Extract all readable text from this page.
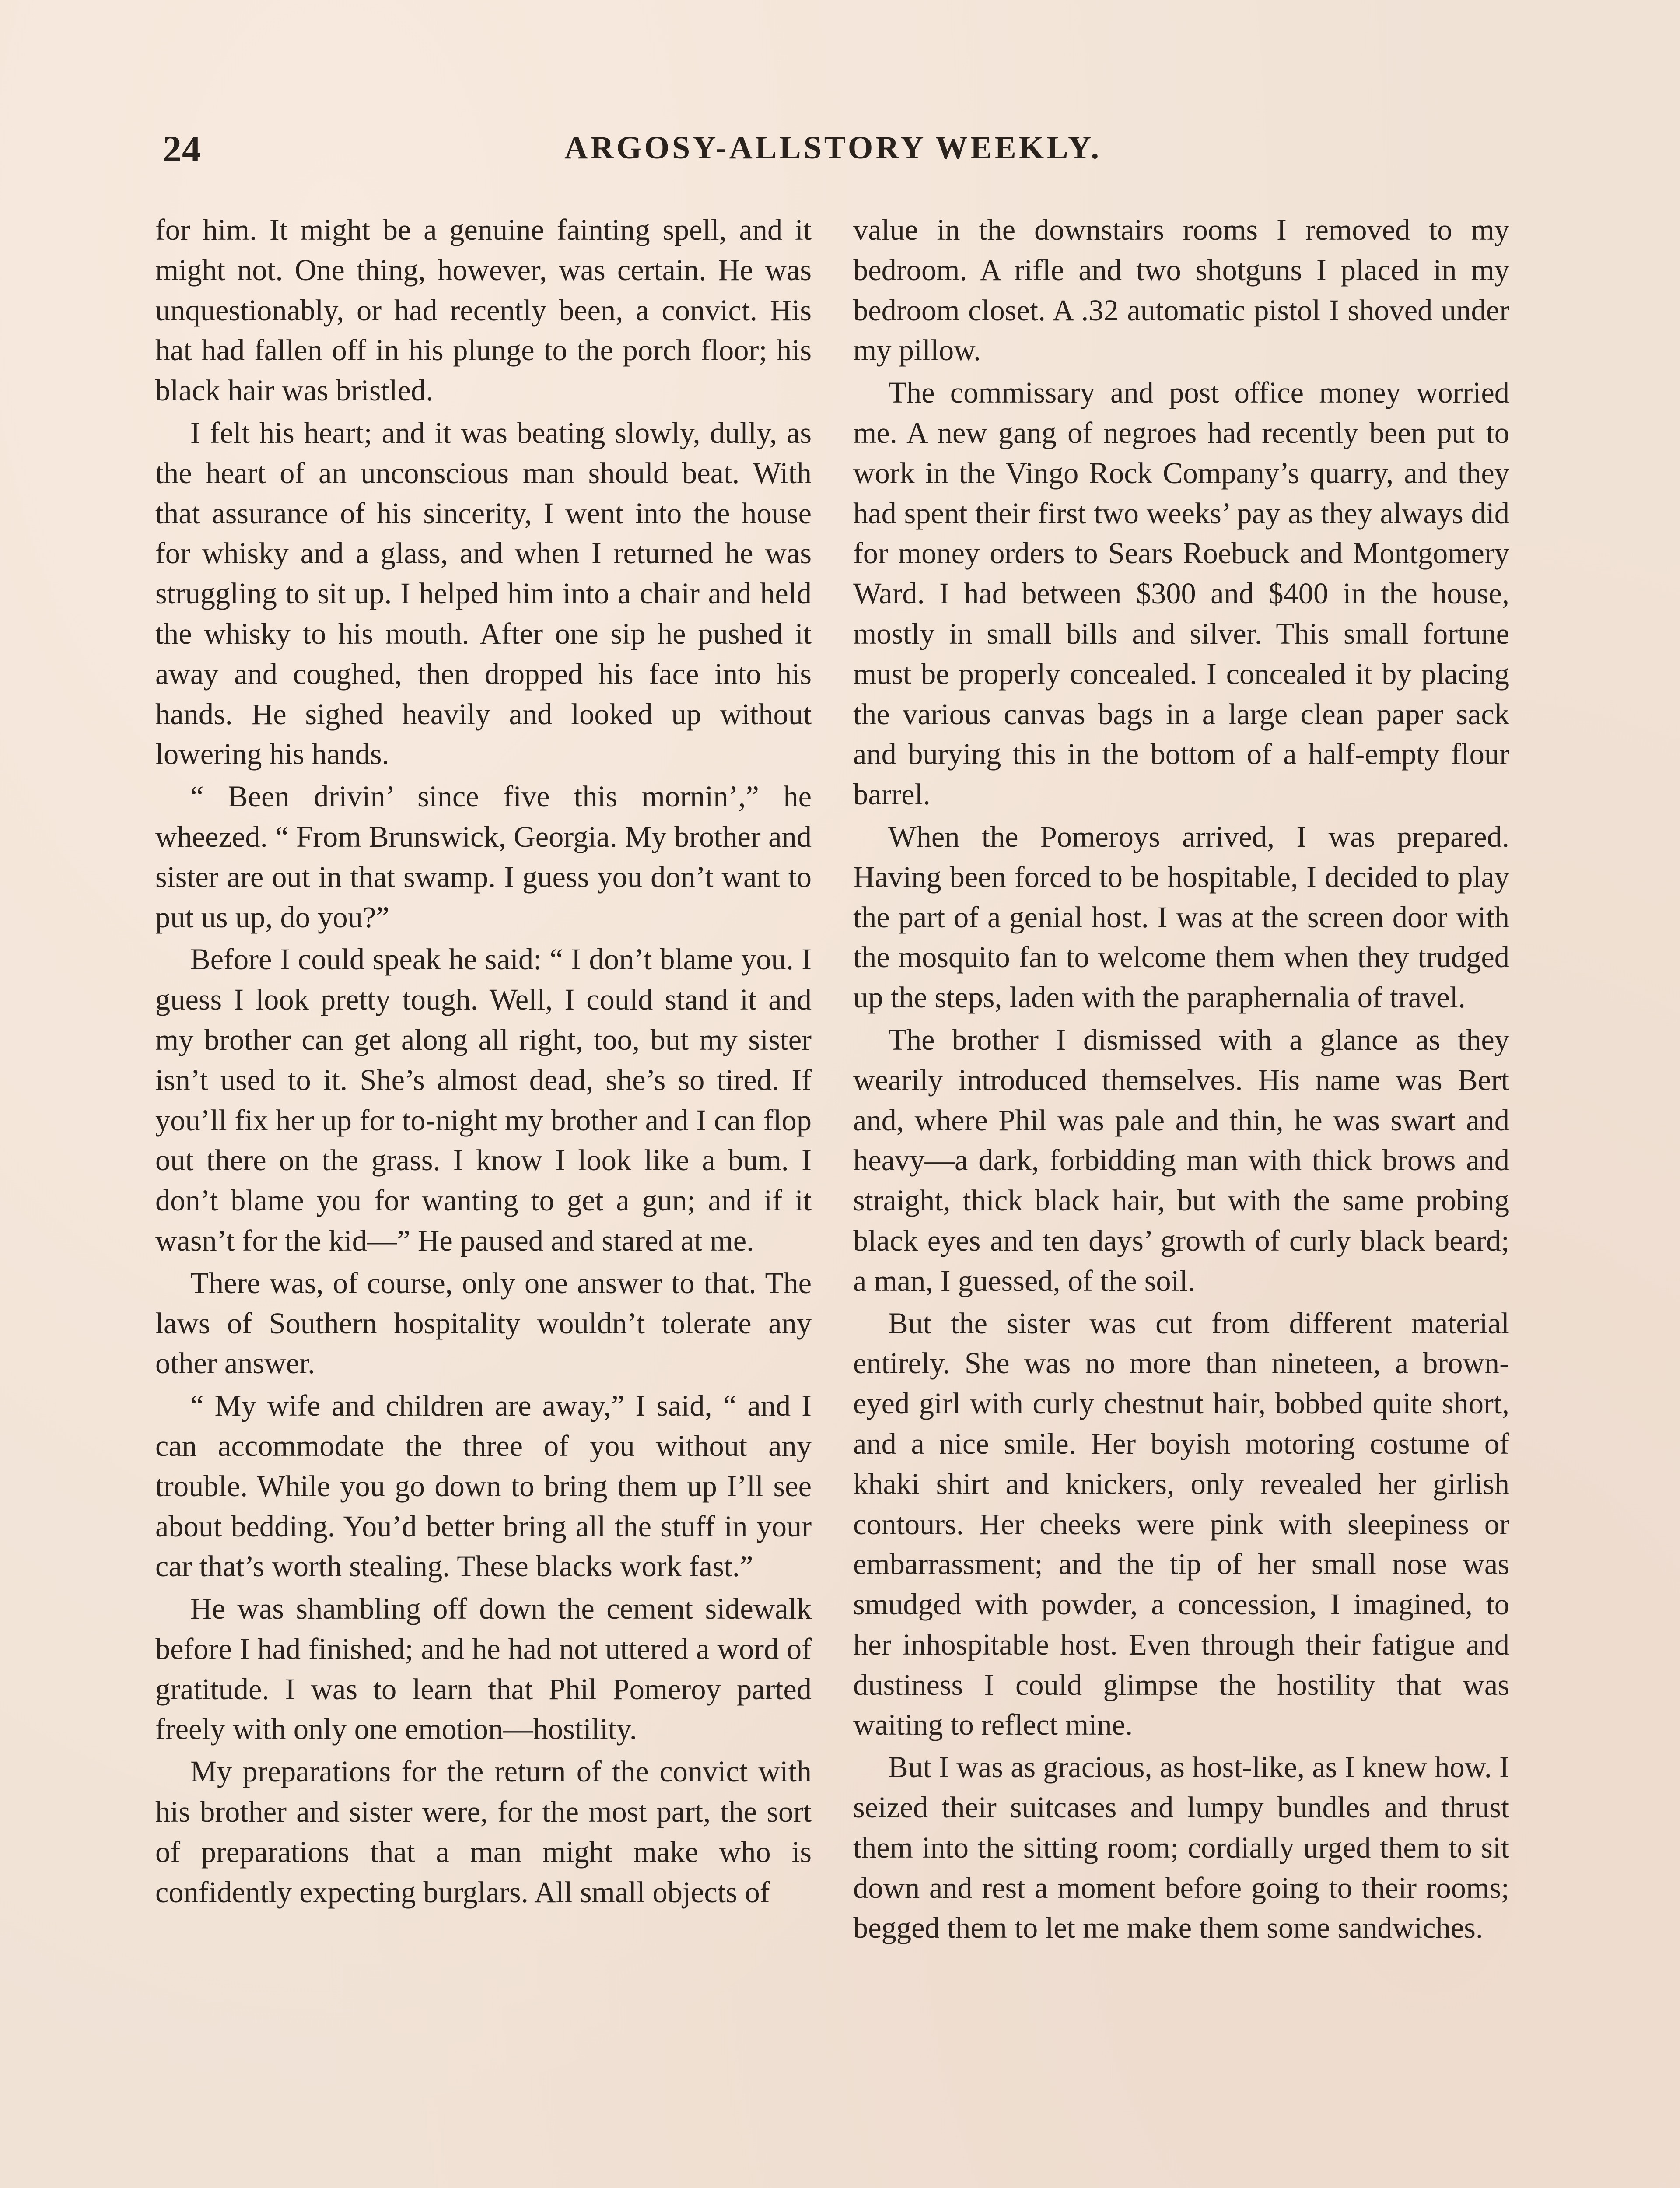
24	ARGOSY-ALLSTORY WEEKLY.

for him. It might be a genuine fainting spell, and it might not. One thing, however, was certain. He was unquestionably, or had recently been, a convict. His hat had fallen off in his plunge to the porch floor; his black hair was bristled.

I felt his heart; and it was beating slowly, dully, as the heart of an unconscious man should beat. With that assurance of his sincerity, I went into the house for whisky and a glass, and when I returned he was struggling to sit up. I helped him into a chair and held the whisky to his mouth. After one sip he pushed it away and coughed, then dropped his face into his hands. He sighed heavily and looked up without lowering his hands.

“ Been drivin’ since five this mornin’,” he wheezed. “ From Brunswick, Georgia. My brother and sister are out in that swamp. I guess you don’t want to put us up, do you?”

Before I could speak he said: “ I don’t blame you. I guess I look pretty tough. Well, I could stand it and my brother can get along all right, too, but my sister isn’t used to it. She’s almost dead, she’s so tired. If you’ll fix her up for to-night my brother and I can flop out there on the grass. I know I look like a bum. I don’t blame you for wanting to get a gun; and if it wasn’t for the kid—” He paused and stared at me.

There was, of course, only one answer to that. The laws of Southern hospitality wouldn’t tolerate any other answer.

“ My wife and children are away,” I said, “ and I can accommodate the three of you without any trouble. While you go down to bring them up I’ll see about bedding. You’d better bring all the stuff in your car that’s worth stealing. These blacks work fast.”

He was shambling off down the cement sidewalk before I had finished; and he had not uttered a word of gratitude. I was to learn that Phil Pomeroy parted freely with only one emotion—hostility.

My preparations for the return of the convict with his brother and sister were, for the most part, the sort of preparations that a man might make who is confidently expecting burglars. All small objects of

value in the downstairs rooms I removed to my bedroom. A rifle and two shotguns I placed in my bedroom closet. A .32 automatic pistol I shoved under my pillow.

The commissary and post office money worried me. A new gang of negroes had recently been put to work in the Vingo Rock Company’s quarry, and they had spent their first two weeks’ pay as they always did for money orders to Sears Roebuck and Montgomery Ward. I had between $300 and $400 in the house, mostly in small bills and silver. This small fortune must be properly concealed. I concealed it by placing the various canvas bags in a large clean paper sack and burying this in the bottom of a half-empty flour barrel.

When the Pomeroys arrived, I was prepared. Having been forced to be hospitable, I decided to play the part of a genial host. I was at the screen door with the mosquito fan to welcome them when they trudged up the steps, laden with the paraphernalia of travel.

The brother I dismissed with a glance as they wearily introduced themselves. His name was Bert and, where Phil was pale and thin, he was swart and heavy—a dark, forbidding man with thick brows and straight, thick black hair, but with the same probing black eyes and ten days’ growth of curly black beard; a man, I guessed, of the soil.

But the sister was cut from different material entirely. She was no more than nineteen, a brown-eyed girl with curly chestnut hair, bobbed quite short, and a nice smile. Her boyish motoring costume of khaki shirt and knickers, only revealed her girlish contours. Her cheeks were pink with sleepiness or embarrassment; and the tip of her small nose was smudged with powder, a concession, I imagined, to her inhospitable host. Even through their fatigue and dustiness I could glimpse the hostility that was waiting to reflect mine.

But I was as gracious, as host-like, as I knew how. I seized their suitcases and lumpy bundles and thrust them into the sitting room; cordially urged them to sit down and rest a moment before going to their rooms; begged them to let me make them some sandwiches.
